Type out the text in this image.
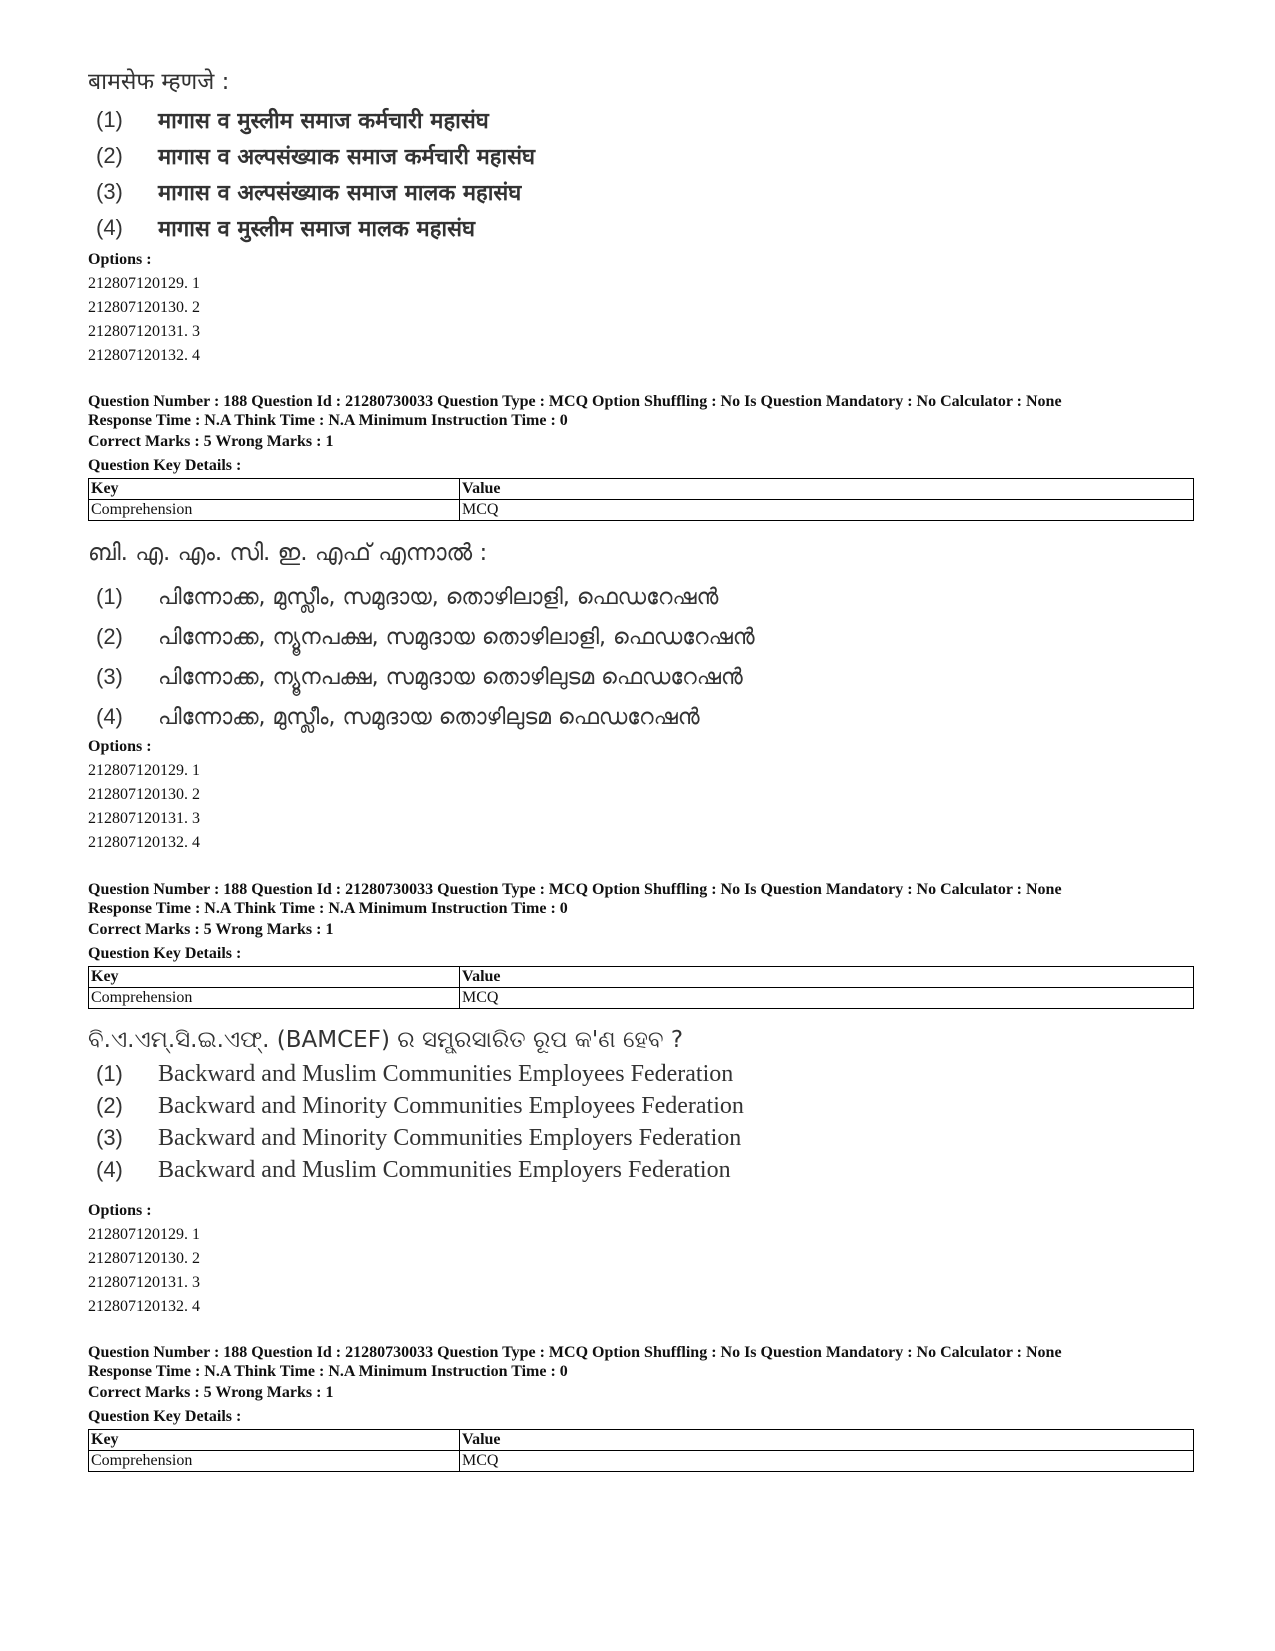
बामसेफ म्हणजे :
(1)	मागास व मुस्लीम समाज कर्मचारी महासंघ
(2)	मागास व अल्पसंख्याक समाज कर्मचारी महासंघ
(3)	मागास व अल्पसंख्याक समाज मालक महासंघ
(4)	मागास व मुस्लीम समाज मालक महासंघ
Options :
212807120129. 1
212807120130. 2
212807120131. 3
212807120132. 4
Question Number : 188 Question Id : 21280730033 Question Type : MCQ Option Shuffling : No Is Question Mandatory : No Calculator : None
Response Time : N.A Think Time : N.A Minimum Instruction Time : 0
Correct Marks : 5 Wrong Marks : 1
Question Key Details :
Key	Value
Comprehension	MCQ
ബി. എ. എം. സി. ഇ. എഫ് എന്നാൽ :
(1)	പിന്നോക്ക, മുസ്ലീം, സമുദായ, തൊഴിലാളി, ഫെഡറേഷൻ
(2)	പിന്നോക്ക, ന്യൂനപക്ഷ, സമുദായ തൊഴിലാളി, ഫെഡറേഷൻ
(3)	പിന്നോക്ക, ന്യൂനപക്ഷ, സമുദായ തൊഴിലുടമ ഫെഡറേഷൻ
(4)	പിന്നോക്ക, മുസ്ലീം, സമുദായ തൊഴിലുടമ ഫെഡറേഷൻ
Options :
212807120129. 1
212807120130. 2
212807120131. 3
212807120132. 4
Question Number : 188 Question Id : 21280730033 Question Type : MCQ Option Shuffling : No Is Question Mandatory : No Calculator : None
Response Time : N.A Think Time : N.A Minimum Instruction Time : 0
Correct Marks : 5 Wrong Marks : 1
Question Key Details :
Key	Value
Comprehension	MCQ
ବି.ଏ.ଏମ୍.ସି.ଇ.ଏଫ୍. (BAMCEF) ର ସମ୍ପ୍ରସାରିତ ରୂପ କ'ଣ ହେବ ?
(1)	Backward and Muslim Communities Employees Federation
(2)	Backward and Minority Communities Employees Federation
(3)	Backward and Minority Communities Employers Federation
(4)	Backward and Muslim Communities Employers Federation
Options :
212807120129. 1
212807120130. 2
212807120131. 3
212807120132. 4
Question Number : 188 Question Id : 21280730033 Question Type : MCQ Option Shuffling : No Is Question Mandatory : No Calculator : None
Response Time : N.A Think Time : N.A Minimum Instruction Time : 0
Correct Marks : 5 Wrong Marks : 1
Question Key Details :
Key	Value
Comprehension	MCQ
